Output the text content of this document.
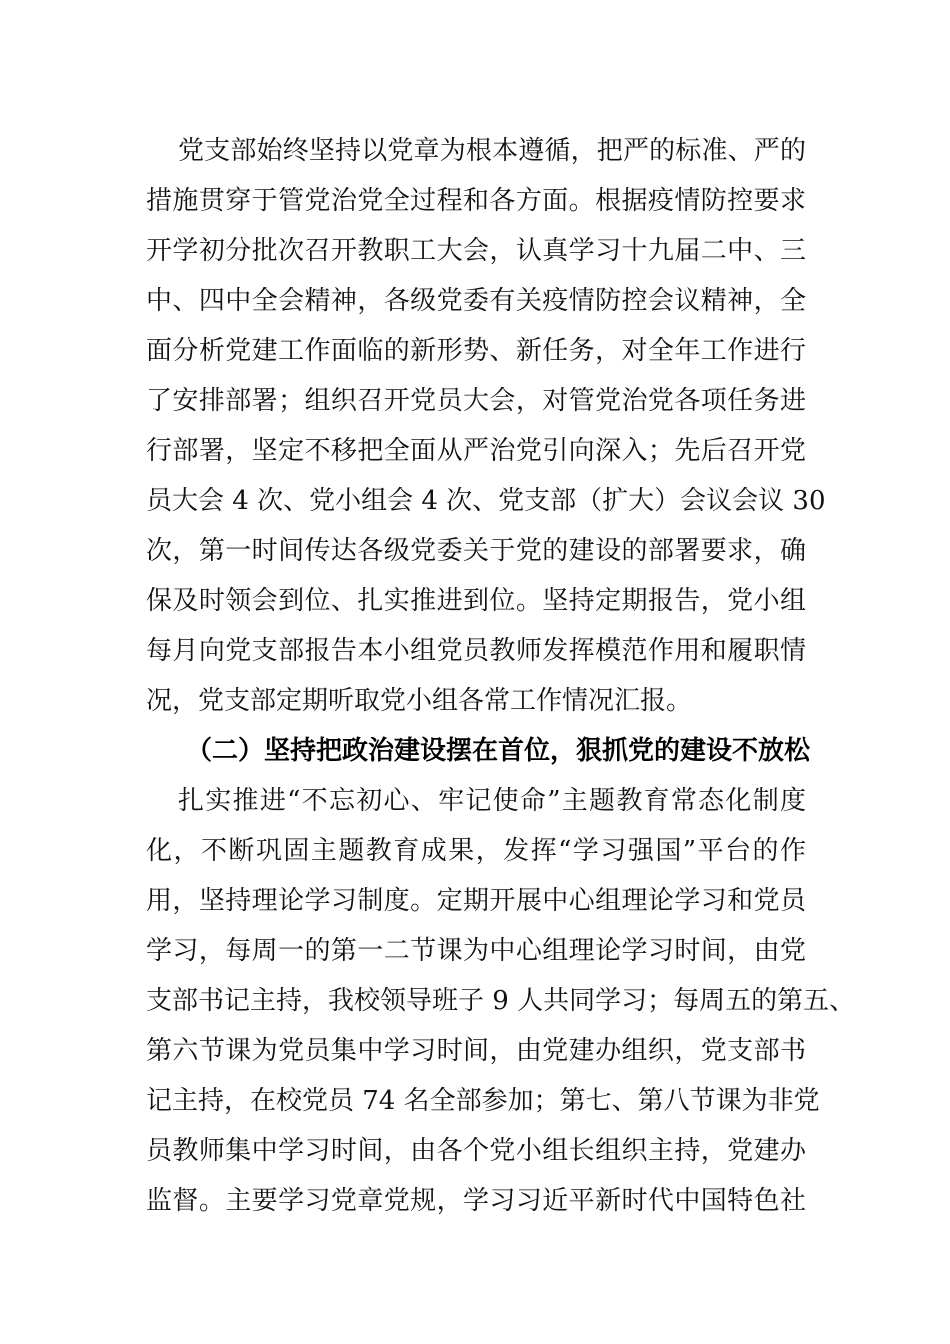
党支部始终坚持以党章为根本遵循，把严的标准、严的
措施贯穿于管党治党全过程和各方面。根据疫情防控要求
开学初分批次召开教职工大会，认真学习十九届二中、三
中、四中全会精神，各级党委有关疫情防控会议精神，全
面分析党建工作面临的新形势、新任务，对全年工作进行
了安排部署；组织召开党员大会，对管党治党各项任务进
行部署，坚定不移把全面从严治党引向深入；先后召开党
员大会 4 次、党小组会 4 次、党支部（扩大）会议会议 30
次，第一时间传达各级党委关于党的建设的部署要求，确
保及时领会到位、扎实推进到位。坚持定期报告，党小组
每月向党支部报告本小组党员教师发挥模范作用和履职情
况，党支部定期听取党小组各常工作情况汇报。
（二）坚持把政治建设摆在首位，狠抓党的建设不放松
扎实推进“不忘初心、牢记使命”主题教育常态化制度
化，不断巩固主题教育成果，发挥“学习强国”平台的作
用，坚持理论学习制度。定期开展中心组理论学习和党员
学习，每周一的第一二节课为中心组理论学习时间，由党
支部书记主持，我校领导班子 9 人共同学习；每周五的第五、
第六节课为党员集中学习时间，由党建办组织，党支部书
记主持，在校党员 74 名全部参加；第七、第八节课为非党
员教师集中学习时间，由各个党小组长组织主持，党建办
监督。主要学习党章党规，学习习近平新时代中国特色社
